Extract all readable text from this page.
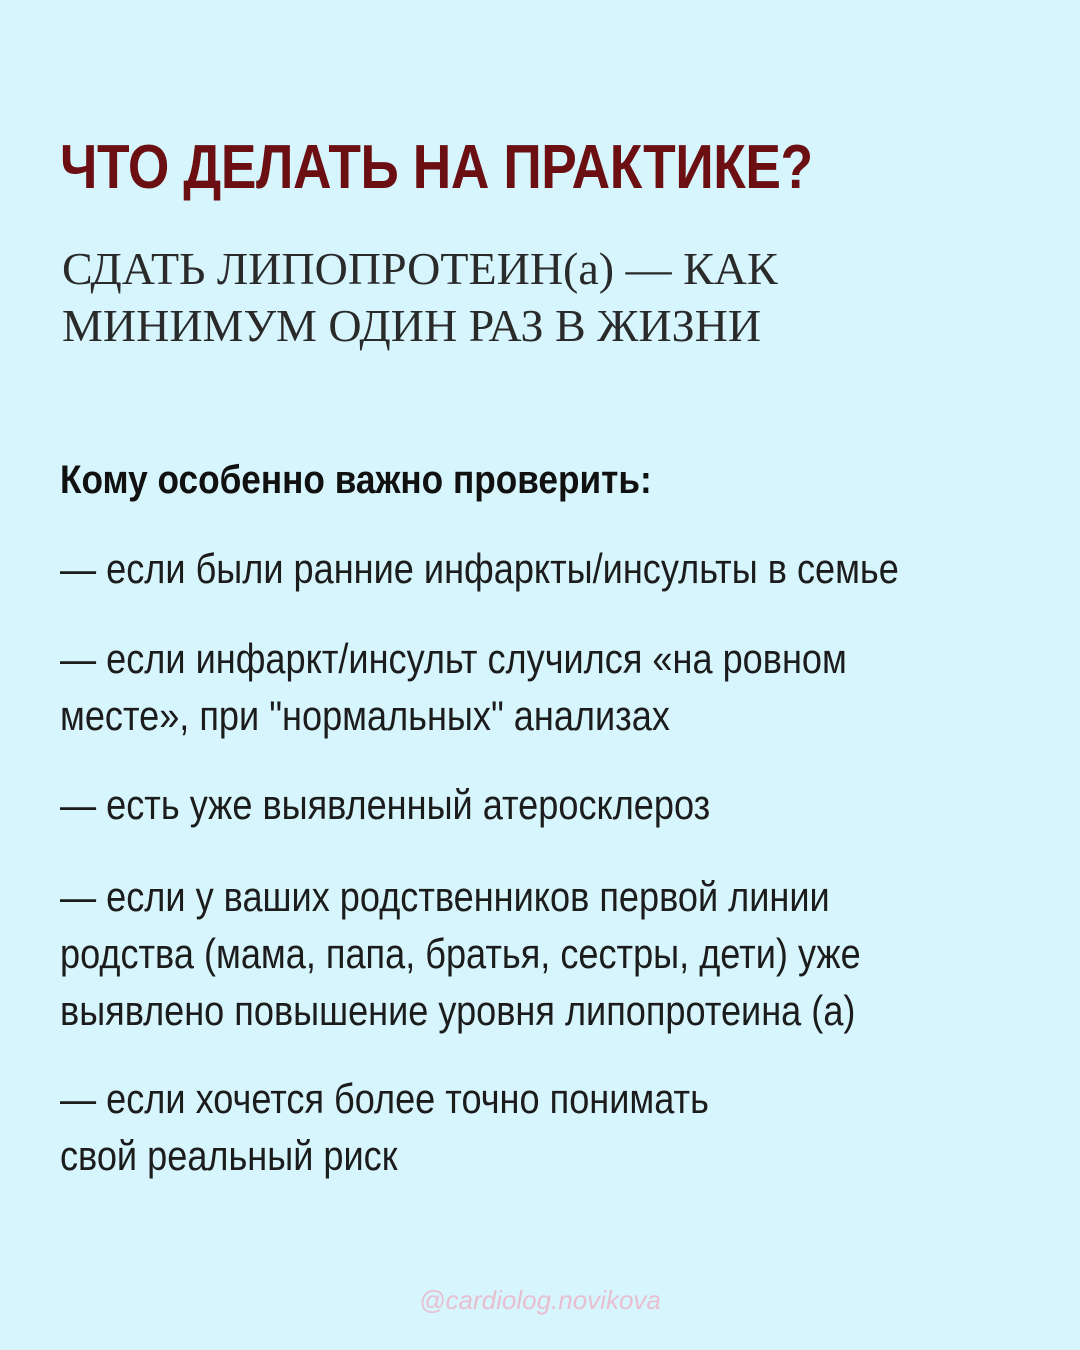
ЧТО ДЕЛАТЬ НА ПРАКТИКЕ?
СДАТЬ ЛИПОПРОТЕИН(а) — КАК
МИНИМУМ ОДИН РАЗ В ЖИЗНИ

Кому особенно важно проверить:

— если были ранние инфаркты/инсульты в семье
— если инфаркт/инсульт случился «на ровном
месте», при "нормальных" анализах
— есть уже выявленный атеросклероз
— если у ваших родственников первой линии
родства (мама, папа, братья, сестры, дети) уже
выявлено повышение уровня липопротеина (а)
— если хочется более точно понимать
свой реальный риск

@cardiolog.novikova
